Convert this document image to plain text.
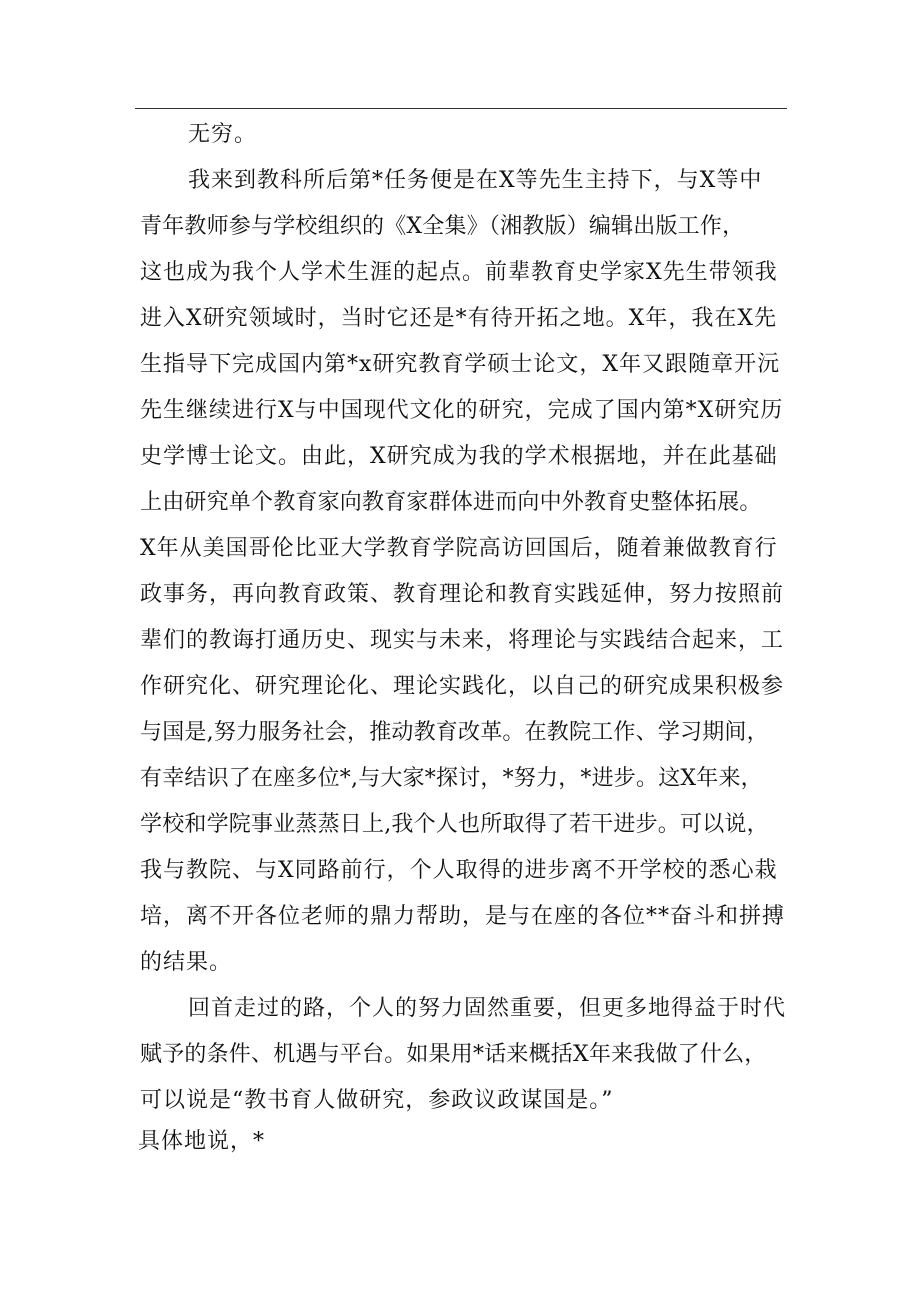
无穷。
我来到教科所后第*任务便是在X等先生主持下，与X等中
青年教师参与学校组织的《X全集》（湘教版）编辑出版工作，
这也成为我个人学术生涯的起点。前辈教育史学家X先生带领我
进入X研究领域时，当时它还是*有待开拓之地。X年，我在X先
生指导下完成国内第*x研究教育学硕士论文，X年又跟随章开沅
先生继续进行X与中国现代文化的研究，完成了国内第*X研究历
史学博士论文。由此，X研究成为我的学术根据地，并在此基础
上由研究单个教育家向教育家群体进而向中外教育史整体拓展。
X年从美国哥伦比亚大学教育学院高访回国后，随着兼做教育行
政事务，再向教育政策、教育理论和教育实践延伸，努力按照前
辈们的教诲打通历史、现实与未来，将理论与实践结合起来，工
作研究化、研究理论化、理论实践化，以自己的研究成果积极参
与国是,努力服务社会，推动教育改革。在教院工作、学习期间，
有幸结识了在座多位*,与大家*探讨，*努力，*进步。这X年来，
学校和学院事业蒸蒸日上,我个人也所取得了若干进步。可以说，
我与教院、与X同路前行，个人取得的进步离不开学校的悉心栽
培，离不开各位老师的鼎力帮助，是与在座的各位**奋斗和拼搏
的结果。
回首走过的路，个人的努力固然重要，但更多地得益于时代
赋予的条件、机遇与平台。如果用*话来概括X年来我做了什么，
可以说是“教书育人做研究，参政议政谋国是。”
具体地说，*
